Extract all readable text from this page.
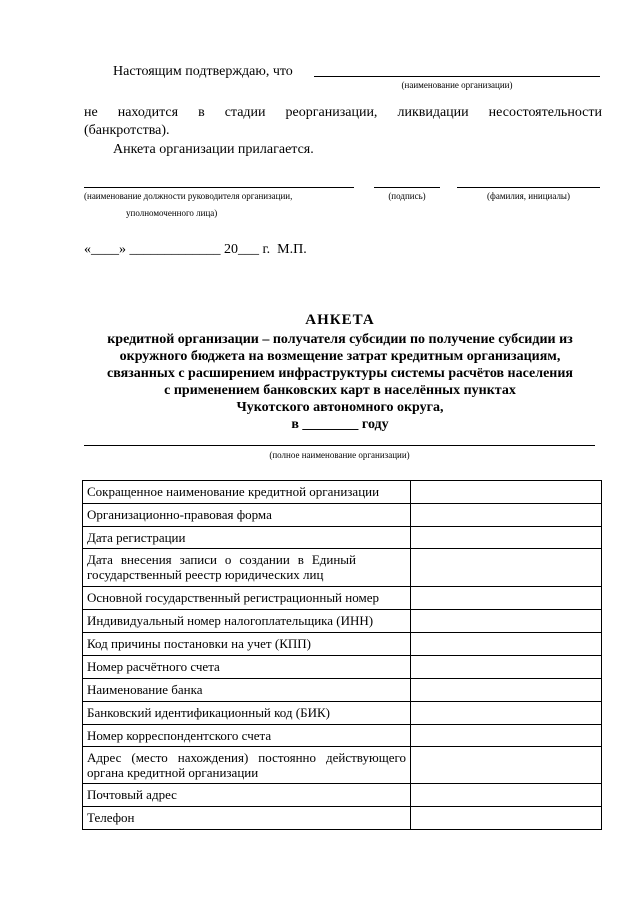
Настоящим подтверждаю, что
(наименование организации)
не находится в стадии реорганизации, ликвидации несостоятельности
(банкротства).
Анкета организации прилагается.
(наименование должности руководителя организации,
уполномоченного лица)
(подпись)	(фамилия, инициалы)
«____» _____________ 20___ г.  М.П.
АНКЕТА
кредитной организации – получателя субсидии по получение субсидии из
окружного бюджета на возмещение затрат кредитным организациям,
связанных с расширением инфраструктуры системы расчётов населения
с применением банковских карт в населённых пунктах
Чукотского автономного округа,
в ________ году
(полное наименование организации)
Сокращенное наименование кредитной организации	
Организационно-правовая форма	
Дата регистрации	

Дата внесения записи о создании в Единый
государственный реестр юридических лиц	

Основной государственный регистрационный номер	
Индивидуальный номер налогоплательщика (ИНН)	
Код причины постановки на учет (КПП)	
Номер расчётного счета	
Наименование банка	
Банковский идентификационный код (БИК)	
Номер корреспондентского счета	

Адрес (место нахождения) постоянно действующего
органа кредитной организации	

Почтовый адрес	
Телефон	
